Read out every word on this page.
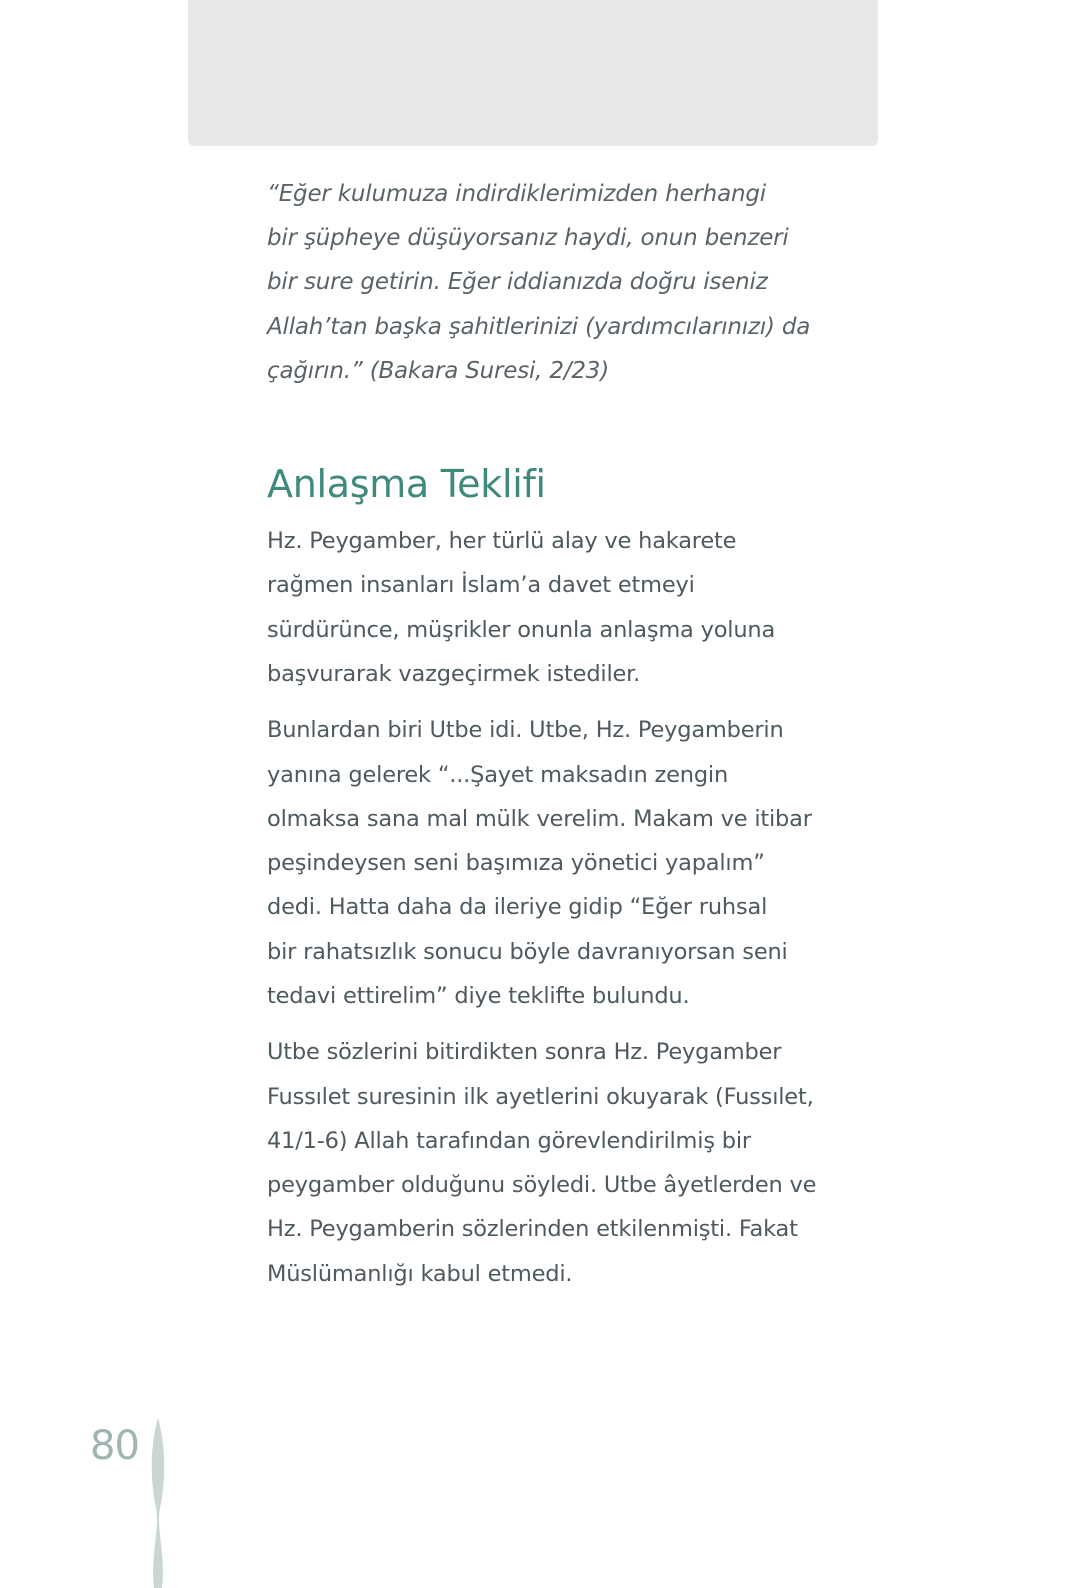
“Eğer kulumuza indirdiklerimizden herhangi
bir şüpheye düşüyorsanız haydi, onun benzeri
bir sure getirin. Eğer iddianızda doğru iseniz
Allah’tan başka şahitlerinizi (yardımcılarınızı) da
çağırın.” (Bakara Suresi, 2/23)

Anlaşma Teklifi

Hz. Peygamber, her türlü alay ve hakarete
rağmen insanları İslam’a davet etmeyi
sürdürünce, müşrikler onunla anlaşma yoluna
başvurarak vazgeçirmek istediler.

Bunlardan biri Utbe idi. Utbe, Hz. Peygamberin
yanına gelerek “...Şayet maksadın zengin
olmaksa sana mal mülk verelim. Makam ve itibar
peşindeysen seni başımıza yönetici yapalım”
dedi. Hatta daha da ileriye gidip “Eğer ruhsal
bir rahatsızlık sonucu böyle davranıyorsan seni
tedavi ettirelim” diye teklifte bulundu.

Utbe sözlerini bitirdikten sonra Hz. Peygamber
Fussılet suresinin ilk ayetlerini okuyarak (Fussılet,
41/1-6) Allah tarafından görevlendirilmiş bir
peygamber olduğunu söyledi. Utbe âyetlerden ve
Hz. Peygamberin sözlerinden etkilenmişti. Fakat
Müslümanlığı kabul etmedi.

80
